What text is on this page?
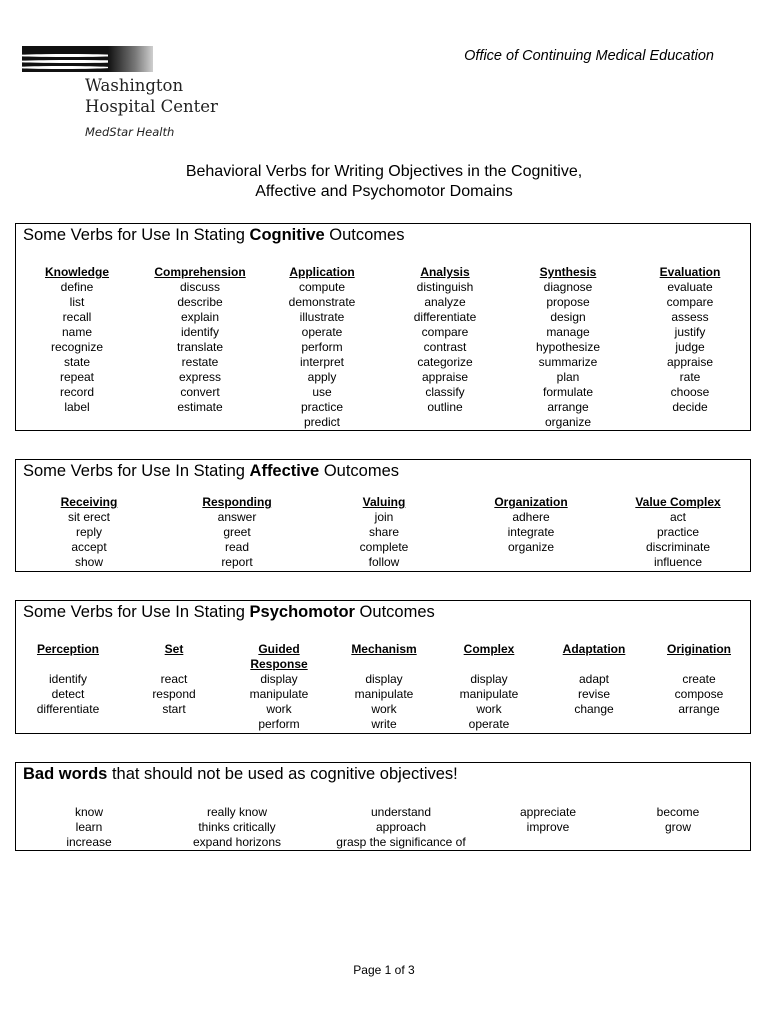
Washington
Hospital Center
MedStar Health
Office of Continuing Medical Education
Behavioral Verbs for Writing Objectives in the Cognitive,
Affective and Psychomotor Domains
Some Verbs for Use In Stating Cognitive Outcomes
Knowledge
define
list
recall
name
recognize
state
repeat
record
label
Comprehension
discuss
describe
explain
identify
translate
restate
express
convert
estimate
Application
compute
demonstrate
illustrate
operate
perform
interpret
apply
use
practice
predict
Analysis
distinguish
analyze
differentiate
compare
contrast
categorize
appraise
classify
outline
Synthesis
diagnose
propose
design
manage
hypothesize
summarize
plan
formulate
arrange
organize
Evaluation
evaluate
compare
assess
justify
judge
appraise
rate
choose
decide
Some Verbs for Use In Stating Affective Outcomes
Receiving
sit erect
reply
accept
show
Responding
answer
greet
read
report
Valuing
join
share
complete
follow
Organization
adhere
integrate
organize
Value Complex
act
practice
discriminate
influence
Some Verbs for Use In Stating Psychomotor Outcomes
Perception
identify
detect
differentiate
Set
react
respond
start
Guided Response
display
manipulate
work
perform
Mechanism
display
manipulate
work
write
Complex
display
manipulate
work
operate
Adaptation
adapt
revise
change
Origination
create
compose
arrange
Bad words that should not be used as cognitive objectives!
know
learn
increase
really know
thinks critically
expand horizons
understand
approach
grasp the significance of
appreciate
improve
become
grow
Page 1 of 3
